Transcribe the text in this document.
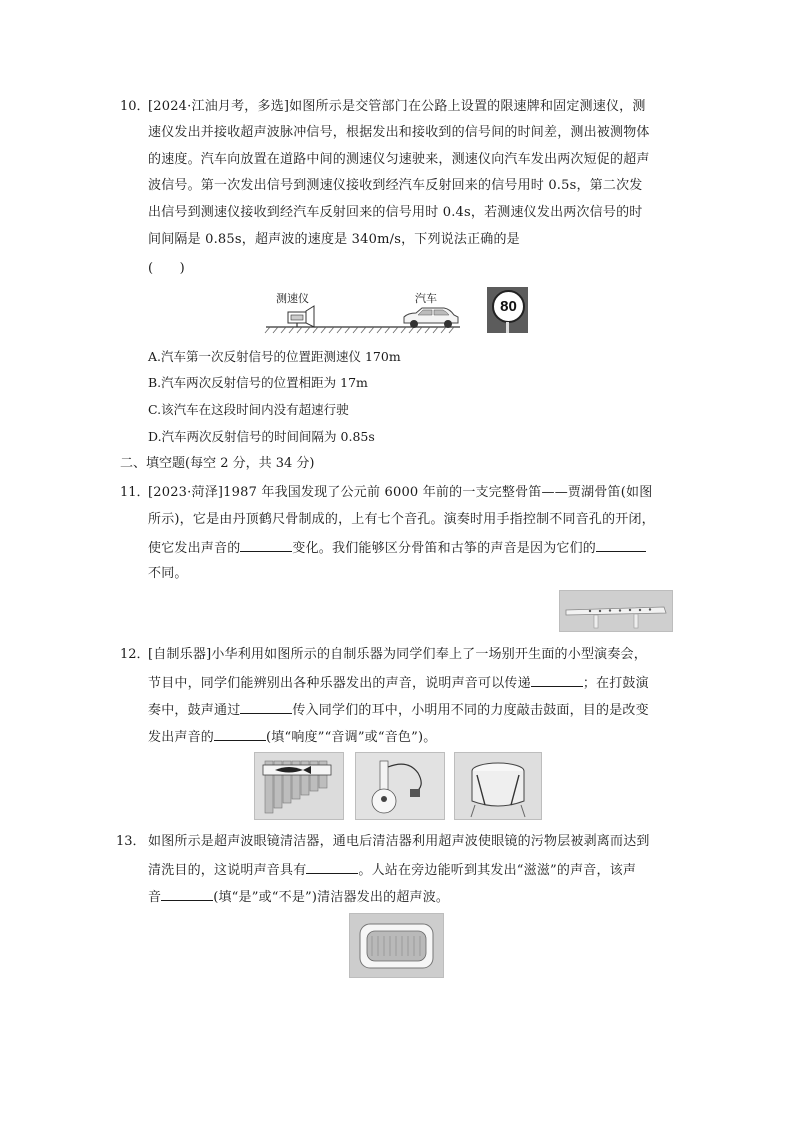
10．
[2024·江油月考，多选]如图所示是交管部门在公路上设置的限速牌和固定测速仪，测
速仪发出并接收超声波脉冲信号，根据发出和接收到的信号间的时间差，测出被测物体
的速度。汽车向放置在道路中间的测速仪匀速驶来，测速仪向汽车发出两次短促的超声
波信号。第一次发出信号到测速仪接收到经汽车反射回来的信号用时 0.5s，第二次发
出信号到测速仪接收到经汽车反射回来的信号用时 0.4s，若测速仪发出两次信号的时
间间隔是 0.85s，超声波的速度是 340m/s，下列说法正确的是
(　　)
测速仪	汽车	80
A.汽车第一次反射信号的位置距测速仪 170m
B.汽车两次反射信号的位置相距为 17m
C.该汽车在这段时间内没有超速行驶
D.汽车两次反射信号的时间间隔为 0.85s
二、填空题(每空 2 分，共 34 分)
11．
[2023·菏泽]1987 年我国发现了公元前 6000 年前的一支完整骨笛——贾湖骨笛(如图
所示)，它是由丹顶鹤尺骨制成的，上有七个音孔。演奏时用手指控制不同音孔的开闭，
使它发出声音的	变化。我们能够区分骨笛和古筝的声音是因为它们的
不同。
12．
[自制乐器]小华利用如图所示的自制乐器为同学们奉上了一场别开生面的小型演奏会，
节目中，同学们能辨别出各种乐器发出的声音，说明声音可以传递	；在打鼓演
奏中，鼓声通过	传入同学们的耳中，小明用不同的力度敲击鼓面，目的是改变
发出声音的	(填“响度”“音调”或“音色”)。
13． 如图所示是超声波眼镜清洁器，通电后清洁器利用超声波使眼镜的污物层被剥离而达到
清洗目的，这说明声音具有	。人站在旁边能听到其发出“滋滋”的声音，该声
音	(填“是”或“不是”)清洁器发出的超声波。
